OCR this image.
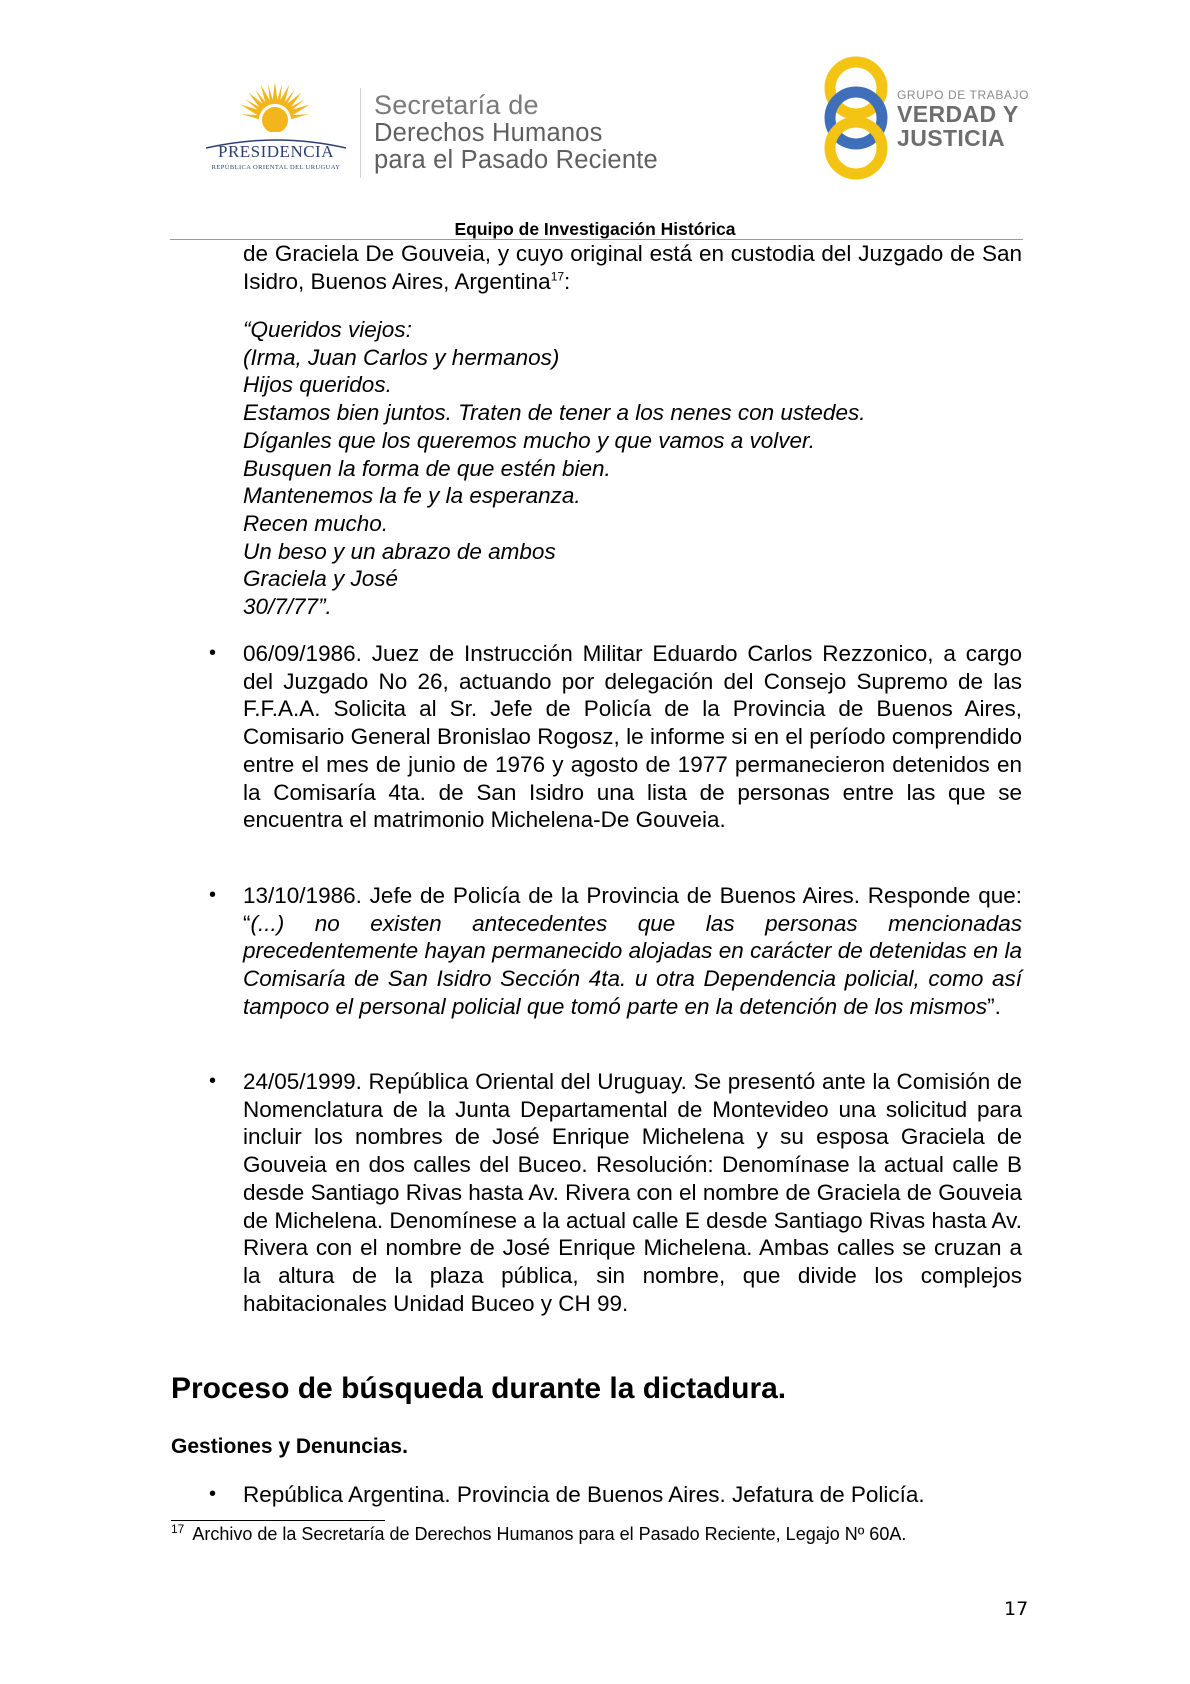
PRESIDENCIA
REPÚBLICA ORIENTAL DEL URUGUAY
Secretaría de
Derechos Humanos
para el Pasado Reciente
GRUPO DE TRABAJO
VERDAD Y
JUSTICIA
Equipo de Investigación Histórica
de Graciela De Gouveia, y cuyo original está en custodia del Juzgado de San Isidro, Buenos Aires, Argentina$^{17}$:
“Queridos viejos:
(Irma, Juan Carlos y hermanos)
Hijos queridos.
Estamos bien juntos. Traten de tener a los nenes con ustedes.
Díganles que los queremos mucho y que vamos a volver.
Busquen la forma de que estén bien.
Mantenemos la fe y la esperanza.
Recen mucho.
Un beso y un abrazo de ambos
Graciela y José
30/7/77”.
• 06/09/1986. Juez de Instrucción Militar Eduardo Carlos Rezzonico, a cargo del Juzgado No 26, actuando por delegación del Consejo Supremo de las F.F.A.A. Solicita al Sr. Jefe de Policía de la Provincia de Buenos Aires, Comisario General Bronislao Rogosz, le informe si en el período comprendido entre el mes de junio de 1976 y agosto de 1977 permanecieron detenidos en la Comisaría 4ta. de San Isidro una lista de personas entre las que se encuentra el matrimonio Michelena-De Gouveia.
• 13/10/1986. Jefe de Policía de la Provincia de Buenos Aires. Responde que: “(...) no existen antecedentes que las personas mencionadas precedentemente hayan permanecido alojadas en carácter de detenidas en la Comisaría de San Isidro Sección 4ta. u otra Dependencia policial, como así tampoco el personal policial que tomó parte en la detención de los mismos”.
• 24/05/1999. República Oriental del Uruguay. Se presentó ante la Comisión de Nomenclatura de la Junta Departamental de Montevideo una solicitud para incluir los nombres de José Enrique Michelena y su esposa Graciela de Gouveia en dos calles del Buceo. Resolución: Denomínase la actual calle B desde Santiago Rivas hasta Av. Rivera con el nombre de Graciela de Gouveia de Michelena. Denomínese a la actual calle E desde Santiago Rivas hasta Av. Rivera con el nombre de José Enrique Michelena. Ambas calles se cruzan a la altura de la plaza pública, sin nombre, que divide los complejos habitacionales Unidad Buceo y CH 99.
Proceso de búsqueda durante la dictadura.
Gestiones y Denuncias.
• República Argentina. Provincia de Buenos Aires. Jefatura de Policía.
$^{17}$ Archivo de la Secretaría de Derechos Humanos para el Pasado Reciente, Legajo Nº 60A.
17
